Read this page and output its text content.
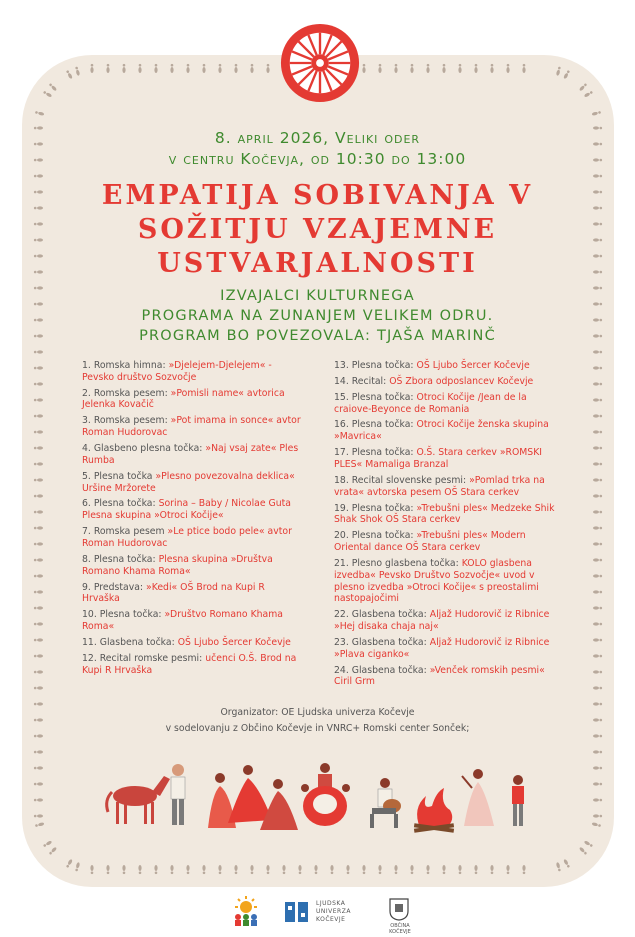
8. april 2026, Veliki oder
v centru Kočevja, od 10:30 do 13:00
EMPATIJA SOBIVANJA V
SOŽITJU VZAJEMNE
USTVARJALNOSTI
IZVAJALCI KULTURNEGA
PROGRAMA NA ZUNANJEM VELIKEM ODRU.
PROGRAM BO POVEZOVALA: TJAŠA MARINČ
1. Romska himna: »Djelejem-Djelejem« - Pevsko društvo Sozvočje
2. Romska pesem: »Pomisli name« avtorica Jelenka Kovačič
3. Romska pesem: »Pot imama in sonce« avtor Roman Hudorovac
4. Glasbeno plesna točka: »Naj vsaj zate« Ples Rumba
5. Plesna točka »Plesno povezovalna deklica« Uršine Mržorete
6. Plesna točka: Sorina – Baby / Nicolae Guta Plesna skupina »Otroci Kočije«
7. Romska pesem »Le ptice bodo pele« avtor Roman Hudorovac
8. Plesna točka: Plesna skupina »Društva Romano Khama Roma«
9. Predstava: »Kedi« OŠ Brod na Kupi R Hrvaška
10. Plesna točka: »Društvo Romano Khama Roma«
11. Glasbena točka: OŠ Ljubo Šercer Kočevje
12. Recital romske pesmi: učenci O.Š. Brod na Kupi R Hrvaška
13. Plesna točka: OŠ Ljubo Šercer Kočevje
14. Recital: OŠ Zbora odposlancev Kočevje
15. Plesna točka: Otroci Kočije /Jean de la craiove-Beyonce de Romania
16. Plesna točka: Otroci Kočije ženska skupina »Mavrica«
17. Plesna točka: O.Š. Stara cerkev »ROMSKI PLES« Mamaliga Branzal
18. Recital slovenske pesmi: »Pomlad trka na vrata« avtorska pesem OŠ Stara cerkev
19. Plesna točka: »Trebušni ples« Medzeke Shik Shak Shok OŠ Stara cerkev
20. Plesna točka: »Trebušni ples« Modern Oriental dance OŠ Stara cerkev
21. Plesno glasbena točka: KOLO glasbena izvedba« Pevsko Društvo Sozvočje« uvod v plesno izvedba »Otroci Kočije« s preostalimi nastopajočimi
22. Glasbena točka: Aljaž Hudorovič iz Ribnice »Hej disaka chaja naj«
23. Glasbena točka: Aljaž Hudorovič iz Ribnice »Plava ciganko«
24. Glasbena točka: »Venček romskih pesmi« Ciril Grm
Organizator: OE Ljudska univerza Kočevje
v sodelovanju z Občino Kočevje in VNRC+ Romski center Sonček;
LJUDSKA
UNIVERZA
KOČEVJE
OBČINA KOČEVJE
